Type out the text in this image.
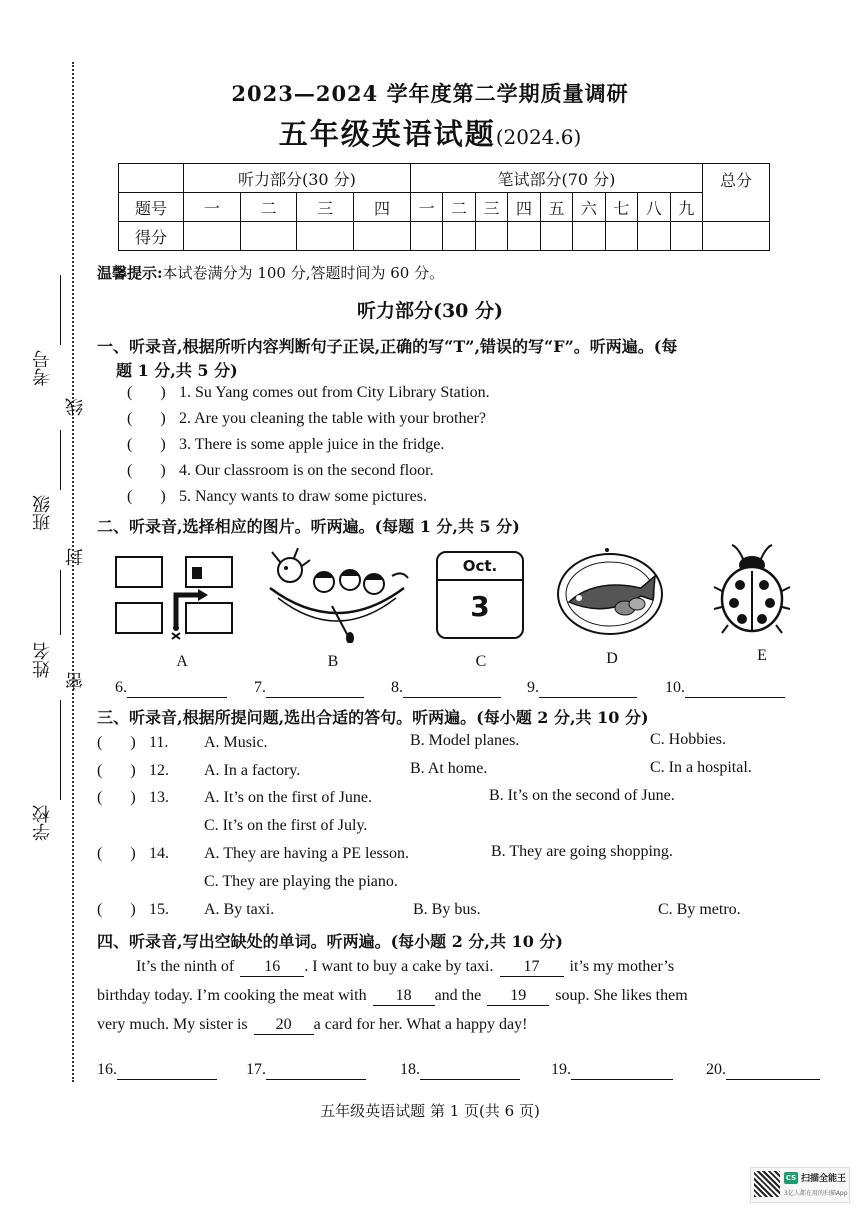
考号
线
班级
封
姓名
密
学校
2023—2024 学年度第二学期质量调研
五年级英语试题(2024.6)
	听力部分(30 分)				笔试部分(70 分)									总分
题号	一	二	三	四	一	二	三	四	五	六	七	八	九	
得分														
温馨提示:本试卷满分为 100 分,答题时间为 60 分。
听力部分(30 分)
一、听录音,根据所听内容判断句子正误,正确的写“T”,错误的写“F”。听两遍。(每
题 1 分,共 5 分)
(       ) 1. Su Yang comes out from City Library Station.
(       ) 2. Are you cleaning the table with your brother?
(       ) 3. There is some apple juice in the fridge.
(       ) 4. Our classroom is on the second floor.
(       ) 5. Nancy wants to draw some pictures.
二、听录音,选择相应的图片。听两遍。(每题 1 分,共 5 分)
A	B
Oct.
3
C	D	E
6.	7.	8.	9.	10.
三、听录音,根据所提问题,选出合适的答句。听两遍。(每小题 2 分,共 10 分)
(       ) 11. A. Music.	B. Model planes.	C. Hobbies.
(       ) 12. A. In a factory.	B. At home.	C. In a hospital.
(       ) 13. A. It’s on the first of June.	B. It’s on the second of June.
C. It’s on the first of July.
(       ) 14. A. They are having a PE lesson.	B. They are going shopping.
C. They are playing the piano.
(       ) 15. A. By taxi.	B. By bus.	C. By metro.
四、听录音,写出空缺处的单词。听两遍。(每小题 2 分,共 10 分)
It’s the ninth of 16 . I want to buy a cake by taxi. 17 it’s my mother’s
birthday today. I’m cooking the meat with 18 and the 19 soup. She likes them
very much. My sister is 20 a card for her. What a happy day!
16.	17.	18.	19.	20.
五年级英语试题 第 1 页(共 6 页)
CS 扫描全能王
3亿人都在用的扫描App
